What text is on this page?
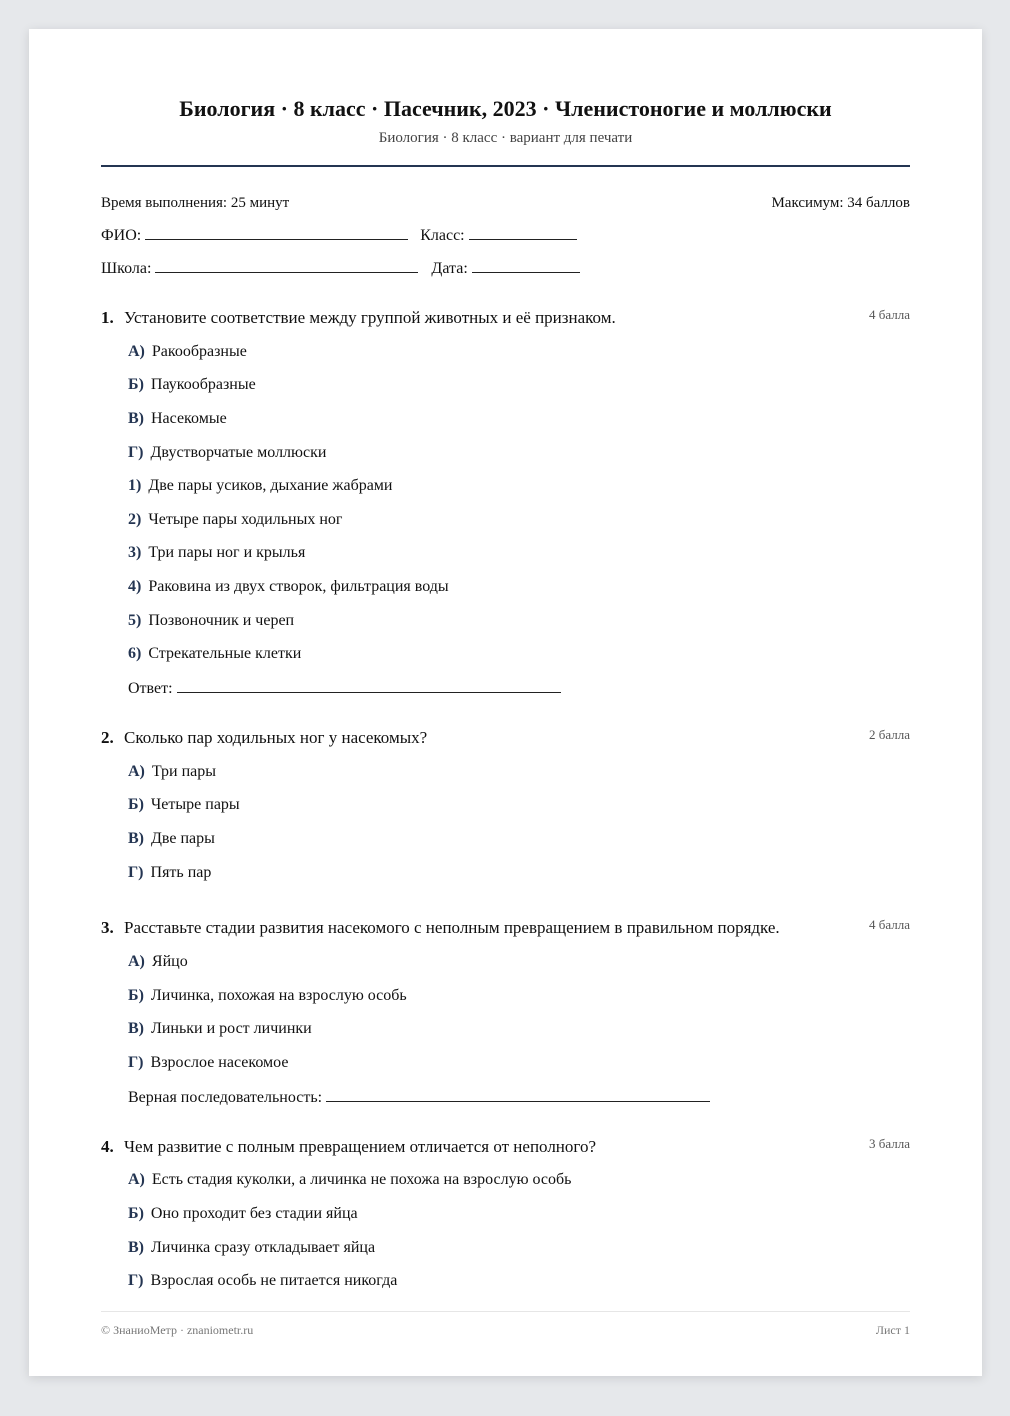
Биология · 8 класс · Пасечник, 2023 · Членистоногие и моллюски
Биология · 8 класс · вариант для печати
Время выполнения: 25 минут	Максимум: 34 баллов
ФИО:	Класс:
Школа:	Дата:
1. Установите соответствие между группой животных и её признаком.	4 балла
А) Ракообразные
Б) Паукообразные
В) Насекомые
Г) Двустворчатые моллюски
1) Две пары усиков, дыхание жабрами
2) Четыре пары ходильных ног
3) Три пары ног и крылья
4) Раковина из двух створок, фильтрация воды
5) Позвоночник и череп
6) Стрекательные клетки
Ответ:
2. Сколько пар ходильных ног у насекомых?	2 балла
А) Три пары
Б) Четыре пары
В) Две пары
Г) Пять пар
3. Расставьте стадии развития насекомого с неполным превращением в правильном порядке.	4 балла
А) Яйцо
Б) Личинка, похожая на взрослую особь
В) Линьки и рост личинки
Г) Взрослое насекомое
Верная последовательность:
4. Чем развитие с полным превращением отличается от неполного?	3 балла
А) Есть стадия куколки, а личинка не похожа на взрослую особь
Б) Оно проходит без стадии яйца
В) Личинка сразу откладывает яйца
Г) Взрослая особь не питается никогда
© ЗнаниоМетр · znaniometr.ru	Лист 1
